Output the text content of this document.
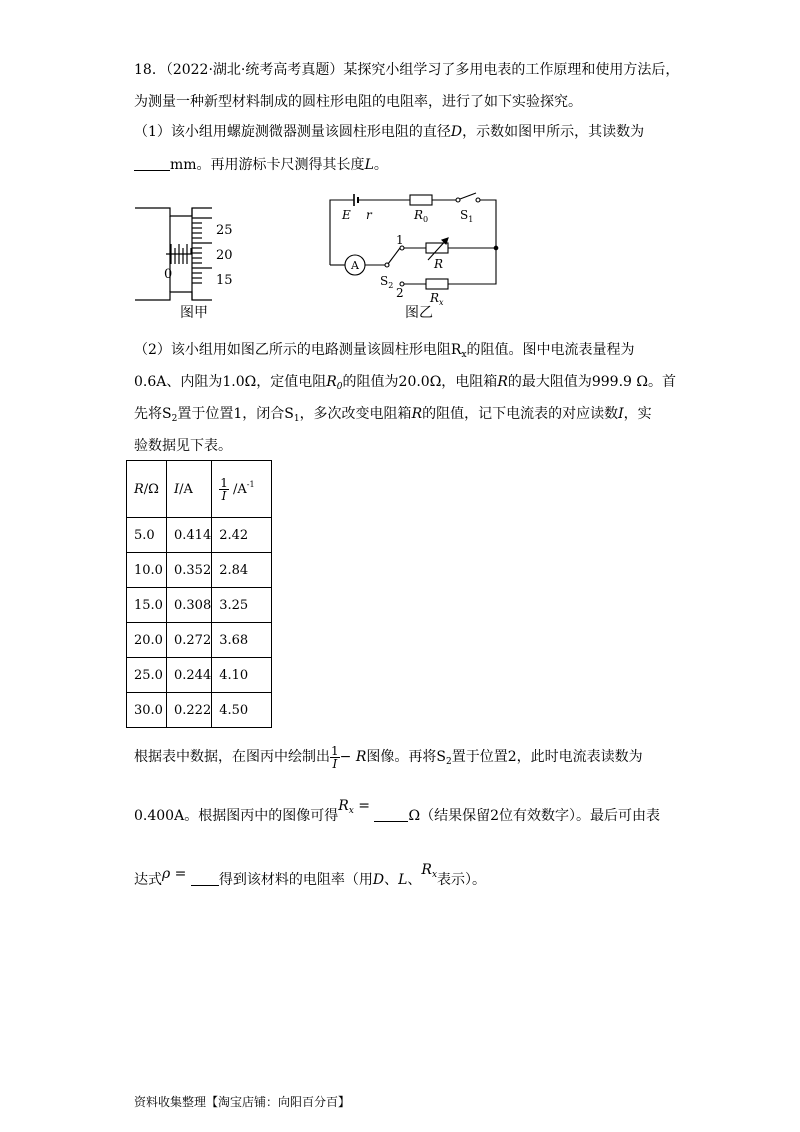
18．（2022·湖北·统考高考真题）某探究小组学习了多用电表的工作原理和使用方法后，
为测量一种新型材料制成的圆柱形电阻的电阻率，进行了如下实验探究。
（1）该小组用螺旋测微器测量该圆柱形电阻的直径D，示数如图甲所示，其读数为
mm。再用游标卡尺测得其长度L。
25
20
15
0
图甲
E r	$R_0$	$S_1$
1
R
A
$S_2$
2 $R_x$
图乙
（2）该小组用如图乙所示的电路测量该圆柱形电阻$R_x$的阻值。图中电流表量程为
0.6A、内阻为1.0Ω，定值电阻$R_0$的阻值为20.0Ω，电阻箱R的最大阻值为999.9 Ω。首
先将$S_2$置于位置1，闭合$S_1$，多次改变电阻箱R的阻值，记下电流表的对应读数I，实
验数据见下表。
R/Ω	I/A	$\frac{1}{I} /A^{-1}$
5.0	0.414	2.42
10.0	0.352	2.84
15.0	0.308	3.25
20.0	0.272	3.68
25.0	0.244	4.10
30.0	0.222	4.50
根据表中数据，在图丙中绘制出 $\frac{1}{I} - R$图像。再将$S_2$置于位置2，此时电流表读数为
0.400A。根据图丙中的图像可得$R_x = \Omega$（结果保留2位有效数字）。最后可由表
达式ρ = 得到该材料的电阻率（用D、L、$R_x$表示）。
资料收集整理【淘宝店铺：向阳百分百】
